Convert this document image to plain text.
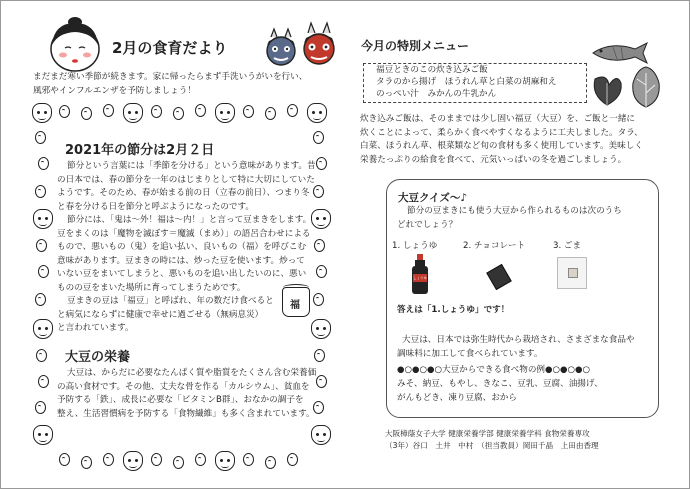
2月の食育だより
まだまだ寒い季節が続きます。家に帰ったらまず手洗いうがいを行い、
風邪やインフルエンザを予防しましょう！
2021年の節分は2月２日
節分という言葉には「季節を分ける」という意味があります。昔
の日本では、春の節分を一年のはじまりとして特に大切にしていた
ようです。そのため、春が始まる前の日（立春の前日）、つまり冬
と春を分ける日を節分と呼ぶようになったのです。
節分には、「鬼は～外！福は～内！」と言って豆まきをします。
豆をまくのは「魔物を滅ぼす＝魔滅（まめ）」の語呂合わせによる
もので、悪いもの（鬼）を追い払い、良いもの（福）を呼びこむ
意味があります。豆まきの時には、炒った豆を使います。炒って
いない豆をまいてしまうと、悪いものを追い出したいのに、悪い
ものの豆をまいた場所に育ってしまうためです。
豆まきの豆は「福豆」と呼ばれ、年の数だけ食べると
と病気にならずに健康で幸せに過ごせる（無病息災）
と言われています。
福
大豆の栄養
大豆は、からだに必要なたんぱく質や脂質をたくさん含む栄養価
の高い食材です。その他、丈夫な骨を作る「カルシウム」、貧血を
予防する「鉄」、成長に必要な「ビタミンB群」、おなかの調子を
整え、生活習慣病を予防する「食物繊維」も多く含まれています。
今月の特別メニュー
福豆ときのこの炊き込みご飯
タラのから揚げ　ほうれん草と白菜の胡麻和え
のっぺい汁　みかんの牛乳かん
炊き込みご飯は、そのままでは少し固い福豆（大豆）を、ご飯と一緒に
炊くことによって、柔らかく食べやすくなるように工夫しました。タラ、
白菜、ほうれん草、根菜類など旬の食材も多く使用しています。美味しく
栄養たっぷりの給食を食べて、元気いっぱいの冬を過ごしましょう。
大豆クイズ～♪
節分の豆まきにも使う大豆から作られるものは次のうち
どれでしょう？
1. しょうゆ	2. チョコレート	3. ごま
しょうゆ
答えは「1.しょうゆ」です！
大豆は、日本では弥生時代から栽培され、さまざまな食品や
調味料に加工して食べられています。
●○●○●○大豆からできる食べ物の例●○●○●○
みそ、納豆、もやし、きなこ、豆乳、豆腐、油揚げ、
がんもどき、凍り豆腐、おから
大阪樟蔭女子大学 健康栄養学部 健康栄養学科 食物栄養専攻
（3年）谷口　土井　中村　（担当教員）岡田千晶　上田由香理
